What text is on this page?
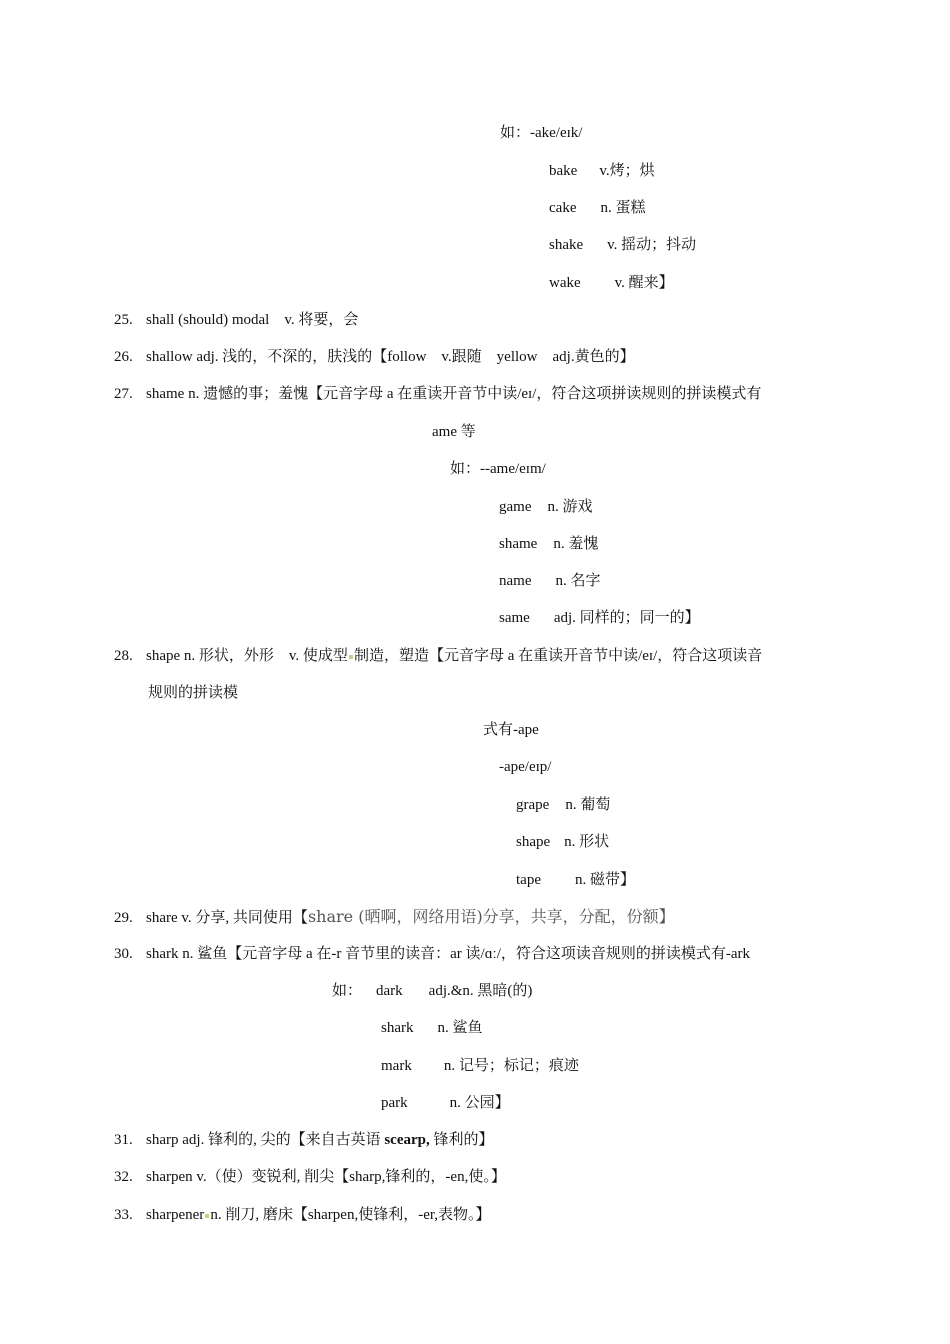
如：-ake/eɪk/
bake v.烤；烘
cake n. 蛋糕
shake v. 摇动；抖动
wake v. 醒来】
25. shall (should) modal　v. 将要，会
26. shallow adj. 浅的，不深的，肤浅的【follow　v.跟随　yellow　adj.黄色的】
27. shame n. 遗憾的事；羞愧【元音字母 a 在重读开音节中读/eɪ/，符合这项拼读规则的拼读模式有
ame 等
如：--ame/eɪm/
game n. 游戏
shame n. 羞愧
name n. 名字
same adj. 同样的；同一的】
28. shape n. 形状，外形　v. 使成型 制造，塑造【元音字母 a 在重读开音节中读/eɪ/，符合这项读音
规则的拼读模
式有-ape
-ape/eɪp/
grape n. 葡萄
shape n. 形状
tape n. 磁带】
29. share v. 分享, 共同使用【share (晒啊，网络用语)分享，共享，分配，份额】
30. shark n. 鲨鱼【元音字母 a 在-r 音节里的读音：ar 读/ɑː/，符合这项读音规则的拼读模式有-ark
如： dark adj.&n. 黑暗(的)
shark n. 鲨鱼
mark n. 记号；标记；痕迹
park	n. 公园】
31. sharp adj. 锋利的, 尖的【来自古英语 scearp, 锋利的】
32. sharpen v.（使）变锐利, 削尖【sharp,锋利的，-en,使。】
33. sharpener n. 削刀, 磨床【sharpen,使锋利，-er,表物。】
